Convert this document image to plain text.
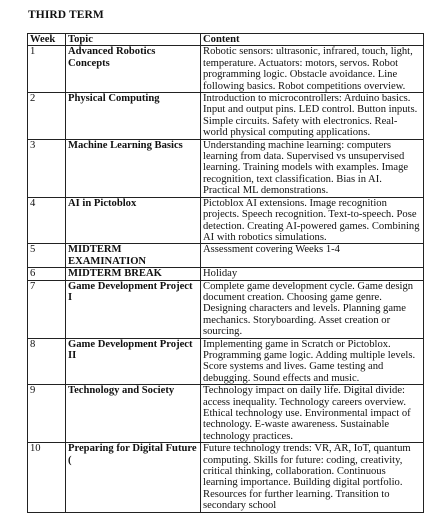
THIRD TERM
Week	Topic	Content
1	Advanced Robotics Concepts	Robotic sensors: ultrasonic, infrared, touch, light, temperature. Actuators: motors, servos. Robot programming logic. Obstacle avoidance. Line following basics. Robot competitions overview.
2	Physical Computing	Introduction to microcontrollers: Arduino basics. Input and output pins. LED control. Button inputs. Simple circuits. Safety with electronics. Real-world physical computing applications.
3	Machine Learning Basics	Understanding machine learning: computers learning from data. Supervised vs unsupervised learning. Training models with examples. Image recognition, text classification. Bias in AI. Practical ML demonstrations.
4	AI in Pictoblox	Pictoblox AI extensions. Image recognition projects. Speech recognition. Text-to-speech. Pose detection. Creating AI-powered games. Combining AI with robotics simulations.
5	MIDTERM EXAMINATION	Assessment covering Weeks 1-4
6	MIDTERM BREAK	Holiday
7	Game Development Project I	Complete game development cycle. Game design document creation. Choosing game genre. Designing characters and levels. Planning game mechanics. Storyboarding. Asset creation or sourcing.
8	Game Development Project II	Implementing game in Scratch or Pictoblox. Programming game logic. Adding multiple levels. Score systems and lives. Game testing and debugging. Sound effects and music.
9	Technology and Society	Technology impact on daily life. Digital divide: access inequality. Technology careers overview. Ethical technology use. Environmental impact of technology. E-waste awareness. Sustainable technology practices.
10	Preparing for Digital Future (	Future technology trends: VR, AR, IoT, quantum computing. Skills for future: coding, creativity, critical thinking, collaboration. Continuous learning importance. Building digital portfolio. Resources for further learning. Transition to secondary school
